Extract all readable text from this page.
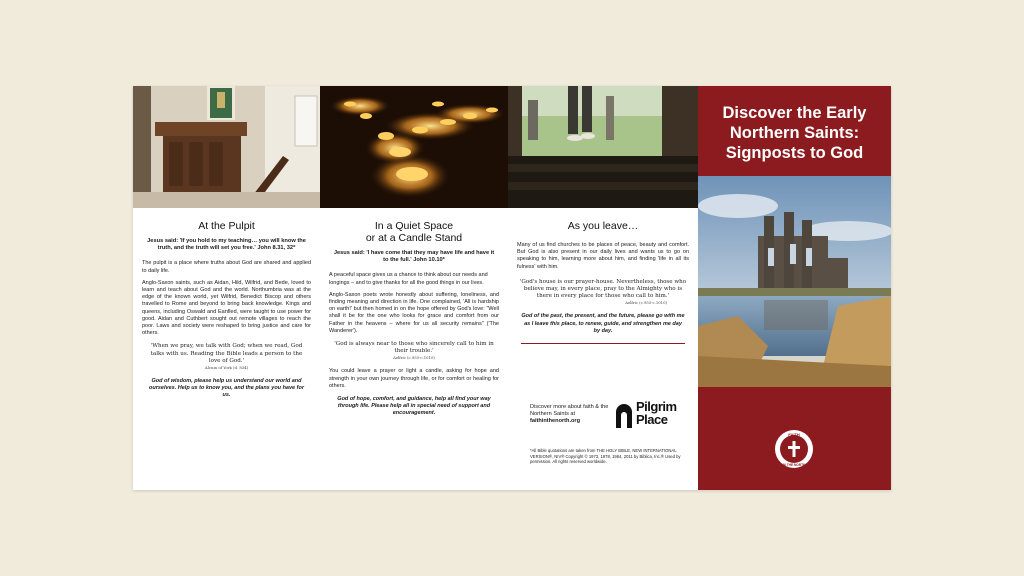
At the Pulpit
Jesus said: 'If you hold to my teaching… you will know the truth, and the truth will set you free.' John 8.31, 32*
The pulpit is a place where truths about God are shared and applied to daily life.
Anglo-Saxon saints, such as Aidan, Hild, Wilfrid, and Bede, loved to learn and teach about God and the world. Northumbria was at the edge of the known world, yet Wilfrid, Benedict Biscop and others travelled to Rome and beyond to bring back knowledge. Kings and queens, including Oswald and Eanfled, were taught to use power for good. Aidan and Cuthbert sought out remote villages to reach the poor. Laws and society were reshaped to bring justice and care for others.
'When we pray, we talk with God; when we read, God talks with us. Reading the Bible leads a person to the love of God.'
Alcuin of York (d. 834)
God of wisdom, please help us understand our world and ourselves. Help us to know you, and the plans you have for us.
In a Quiet Space
or at a Candle Stand
Jesus said: 'I have come that they may have life and have it to the full.' John 10.10*
A peaceful space gives us a chance to think about our needs and longings – and to give thanks for all the good things in our lives.
Anglo-Saxon poets wrote honestly about suffering, loneliness, and finding meaning and direction in life. One complained, 'All is hardship on earth!' but then homed in on the hope offered by God's love: "Well shall it be for the one who looks for grace and comfort from our Father in the heavens – where for us all security remains" ('The Wanderer').
'God is always near to those who sincerely call to him in their trouble.'
Aelfric (c.955-c.1010)
You could leave a prayer or light a candle, asking for hope and strength in your own journey through life, or for comfort or healing for others.
God of hope, comfort, and guidance, help all find your way through life. Please help all in special need of support and encouragement.
As you leave…
Many of us find churches to be places of peace, beauty and comfort. But God is also present in our daily lives and wants us to go on speaking to him, learning more about him, and finding 'life in all its fulness' with him.
'God's house is our prayer-house. Nevertheless, those who believe may, in every place, pray to the Almighty who is there in every place for those who call to him.'
Aelfric (c.955-c.1010)
God of the past, the present, and the future, please go with me as I leave this place, to renew, guide, and strengthen me day by day.
Discover more about faith & the Northern Saints at
faithinthenorth.org
Pilgrim
Place
*All Bible quotations are taken from THE HOLY BIBLE, NEW INTERNATIONAL VERSION®, NIV® Copyright © 1973, 1978, 1984, 2011 by Biblica, Inc.® Used by permission. All rights reserved worldwide.
Discover the Early
Northern Saints:
Signposts to God
FAITH
IN THE NORTH
